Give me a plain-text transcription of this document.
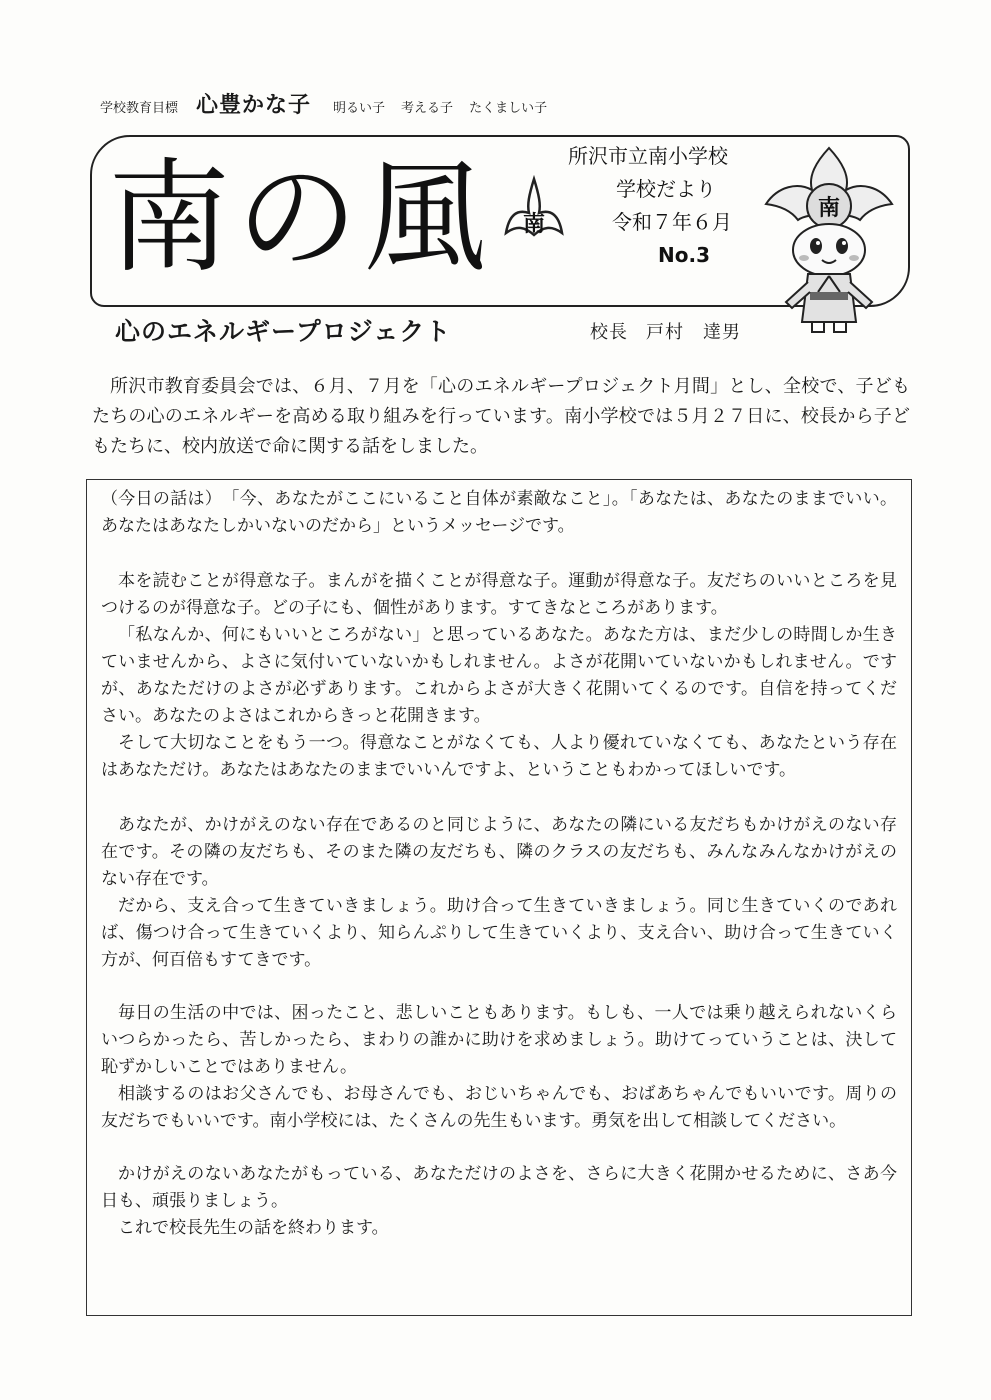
学校教育目標 心豊かな子 明るい子 考える子 たくましい子
南の風 南
所沢市立南小学校
学校だより
令和７年６月
No.3
南
心のエネルギープロジェクト	校長 戸村　達男
所沢市教育委員会では、６月、７月を「心のエネルギープロジェクト月間」とし、全校で、子どもたちの心のエネルギーを高める取り組みを行っています。南小学校では５月２７日に、校長から子どもたちに、校内放送で命に関する話をしました。

（今日の話は）　「今、あなたがここにいること自体が素敵なこと」。「あなたは、あなたのままでいい。あなたはあなたしかいないのだから」というメッセージです。

本を読むことが得意な子。まんがを描くことが得意な子。運動が得意な子。友だちのいいところを見つけるのが得意な子。どの子にも、個性があります。すてきなところがあります。

「私なんか、何にもいいところがない」と思っているあなた。あなた方は、まだ少しの時間しか生きていませんから、よさに気付いていないかもしれません。よさが花開いていないかもしれません。ですが、あなただけのよさが必ずあります。これからよさが大きく花開いてくるのです。自信を持ってください。あなたのよさはこれからきっと花開きます。

そして大切なことをもう一つ。得意なことがなくても、人より優れていなくても、あなたという存在はあなただけ。あなたはあなたのままでいいんですよ、ということもわかってほしいです。

あなたが、かけがえのない存在であるのと同じように、あなたの隣にいる友だちもかけがえのない存在です。その隣の友だちも、そのまた隣の友だちも、隣のクラスの友だちも、みんなみんなかけがえのない存在です。

だから、支え合って生きていきましょう。助け合って生きていきましょう。同じ生きていくのであれば、傷つけ合って生きていくより、知らんぷりして生きていくより、支え合い、助け合って生きていく方が、何百倍もすてきです。

毎日の生活の中では、困ったこと、悲しいこともあります。もしも、一人では乗り越えられないくらいつらかったら、苦しかったら、まわりの誰かに助けを求めましょう。助けてっていうことは、決して恥ずかしいことではありません。

相談するのはお父さんでも、お母さんでも、おじいちゃんでも、おばあちゃんでもいいです。周りの友だちでもいいです。南小学校には、たくさんの先生もいます。勇気を出して相談してください。

かけがえのないあなたがもっている、あなただけのよさを、さらに大きく花開かせるために、さあ今日も、頑張りましょう。

これで校長先生の話を終わります。
